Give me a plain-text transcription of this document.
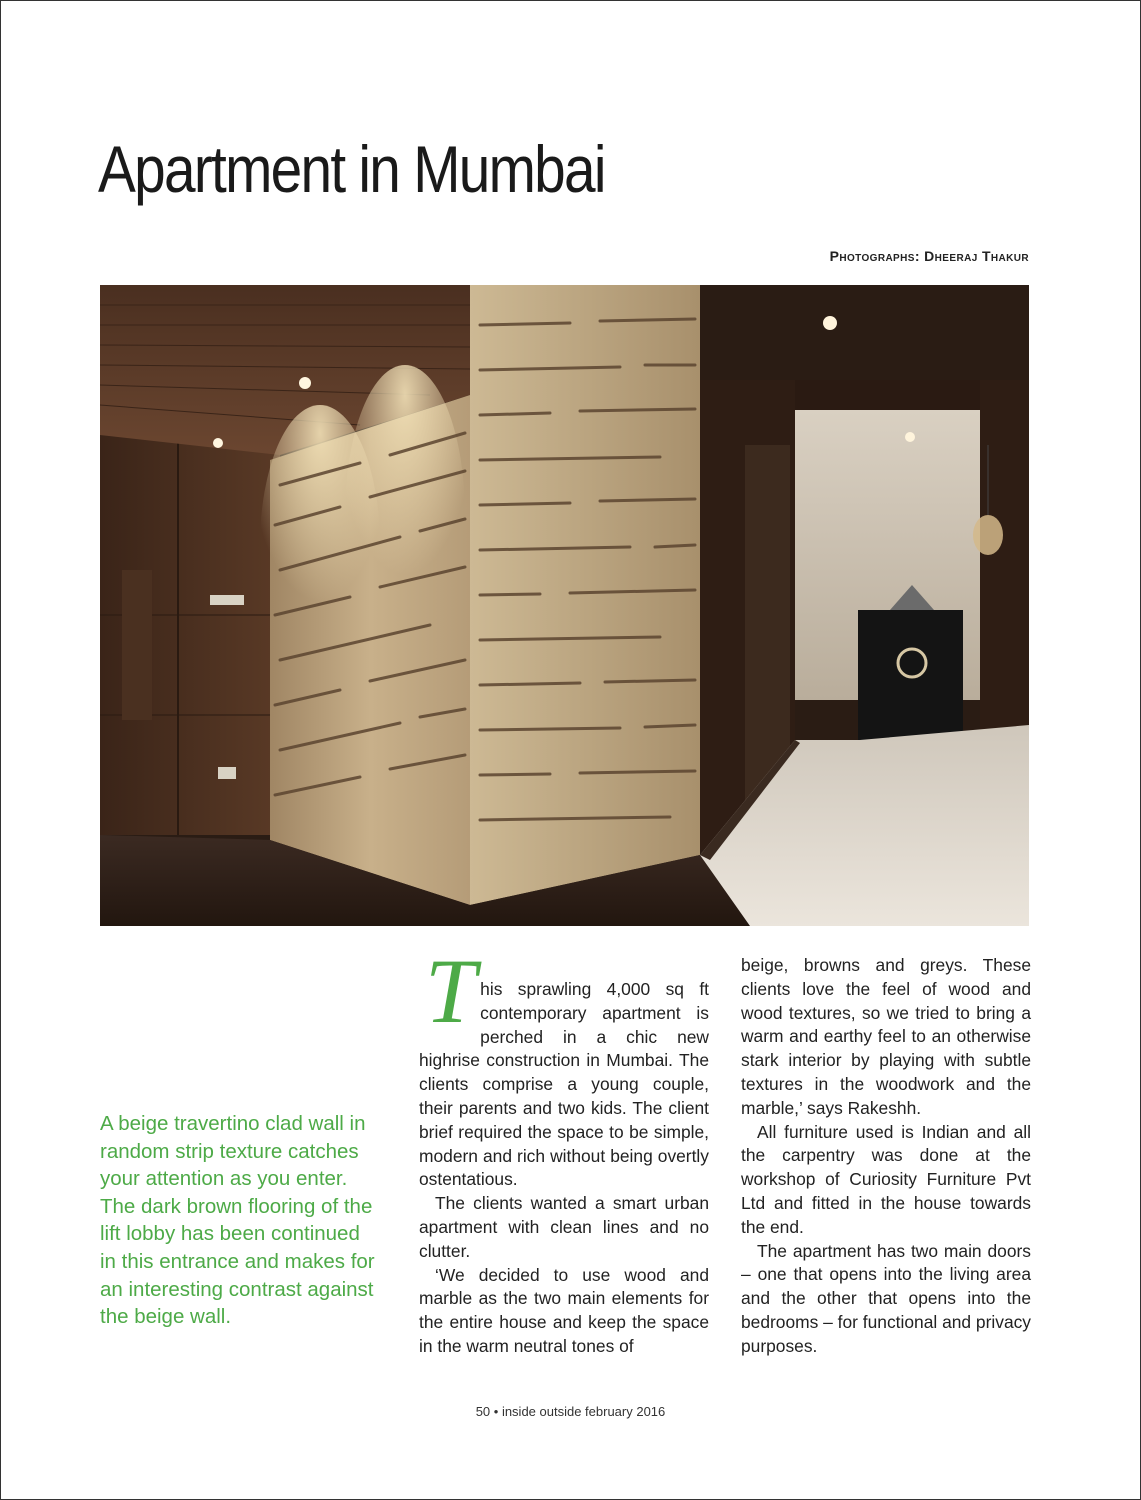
Apartment in Mumbai
Photographs: Dheeraj Thakur

A beige travertino clad wall in random strip texture catches your attention as you enter. The dark brown flooring of the lift lobby has been continued in this entrance and makes for an interesting contrast against the beige wall.

T his sprawling 4,000 sq ft contemporary apartment is perched in a chic new highrise construction in Mumbai. The clients comprise a young couple, their parents and two kids. The client brief required the space to be simple, modern and rich without being overtly ostentatious.

The clients wanted a smart urban apartment with clean lines and no clutter.

‘We decided to use wood and marble as the two main elements for the entire house and keep the space in the warm neutral tones of

beige, browns and greys. These clients love the feel of wood and wood textures, so we tried to bring a warm and earthy feel to an otherwise stark interior by playing with subtle textures in the woodwork and the marble,’ says Rakeshh.

All furniture used is Indian and all the carpentry was done at the workshop of Curiosity Furniture Pvt Ltd and fitted in the house towards the end.

The apartment has two main doors – one that opens into the living area and the other that opens into the bedrooms – for functional and privacy purposes.

50 • inside outside february 2016
